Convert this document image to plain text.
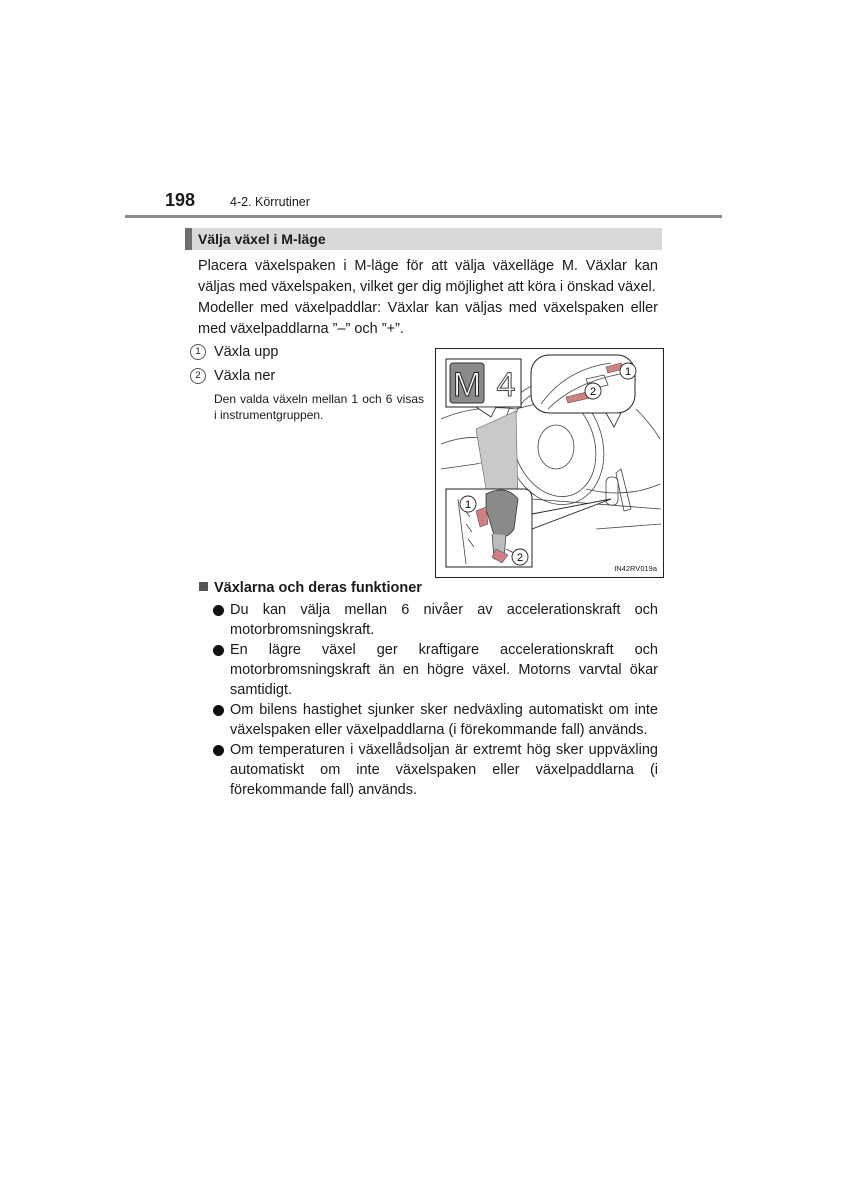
198	4-2. Körrutiner
Välja växel i M-läge
Placera växelspaken i M-läge för att välja växelläge M. Växlar kan väljas med växelspaken, vilket ger dig möjlighet att köra i önskad växel.
Modeller med växelpaddlar: Växlar kan väljas med växelspaken eller med växelpaddlarna ”–” och ”+”.
1 Växla upp
2 Växla ner
Den valda växeln mellan 1 och 6 visas i instrumentgruppen.
M 4	1
2
1
2
IN42RV019a
Växlarna och deras funktioner
Du kan välja mellan 6 nivåer av accelerationskraft och motorbromsningskraft.
En lägre växel ger kraftigare accelerationskraft och motorbromsningskraft än en högre växel. Motorns varvtal ökar samtidigt.
Om bilens hastighet sjunker sker nedväxling automatiskt om inte växelspaken eller växelpaddlarna (i förekommande fall) används.
Om temperaturen i växellådsoljan är extremt hög sker uppväxling automatiskt om inte växelspaken eller växelpaddlarna (i förekommande fall) används.
